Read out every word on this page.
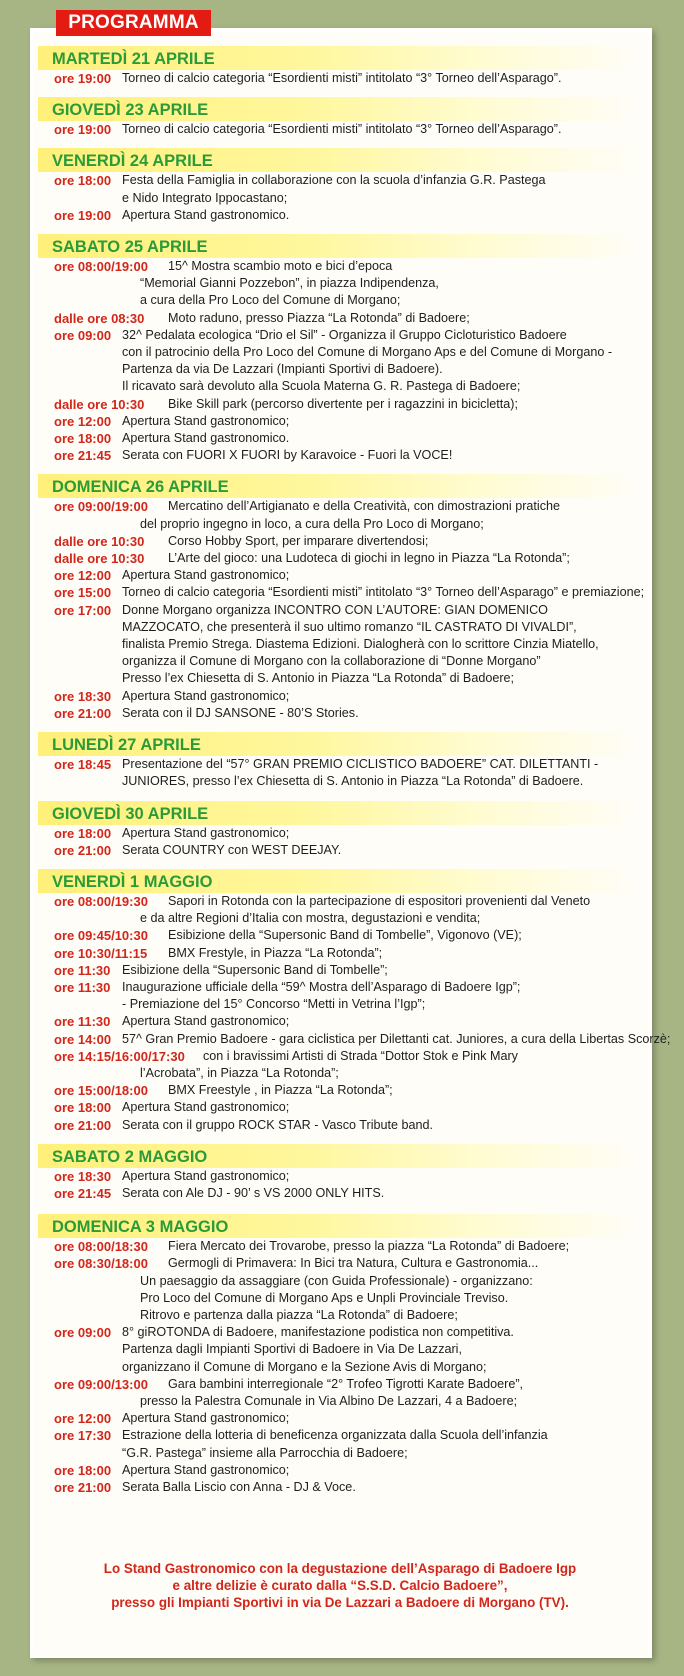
PROGRAMMA
MARTEDÌ 21 APRILE
ore 19:00 Torneo di calcio categoria “Esordienti misti” intitolato “3° Torneo dell’Asparago”.
GIOVEDÌ 23 APRILE
ore 19:00 Torneo di calcio categoria “Esordienti misti” intitolato “3° Torneo dell’Asparago”.
VENERDÌ 24 APRILE
ore 18:00 Festa della Famiglia in collaborazione con la scuola d’infanzia G.R. Pastega
e Nido Integrato Ippocastano;
ore 19:00 Apertura Stand gastronomico.
SABATO 25 APRILE
ore 08:00/19:00 15^ Mostra scambio moto e bici d’epoca
“Memorial Gianni Pozzebon”, in piazza Indipendenza,
a cura della Pro Loco del Comune di Morgano;
dalle ore 08:30 Moto raduno, presso Piazza “La Rotonda” di Badoere;
ore 09:00 32^ Pedalata ecologica “Drio el Sil” - Organizza il Gruppo Cicloturistico Badoere
con il patrocinio della Pro Loco del Comune di Morgano Aps e del Comune di Morgano -
Partenza da via De Lazzari (Impianti Sportivi di Badoere).
Il ricavato sarà devoluto alla Scuola Materna G. R. Pastega di Badoere;
dalle ore 10:30 Bike Skill park (percorso divertente per i ragazzini in bicicletta);
ore 12:00 Apertura Stand gastronomico;
ore 18:00 Apertura Stand gastronomico.
ore 21:45 Serata con FUORI X FUORI by Karavoice - Fuori la VOCE!
DOMENICA 26 APRILE
ore 09:00/19:00 Mercatino dell’Artigianato e della Creatività, con dimostrazioni pratiche
del proprio ingegno in loco, a cura della Pro Loco di Morgano;
dalle ore 10:30 Corso Hobby Sport, per imparare divertendosi;
dalle ore 10:30 L’Arte del gioco: una Ludoteca di giochi in legno in Piazza “La Rotonda”;
ore 12:00 Apertura Stand gastronomico;
ore 15:00 Torneo di calcio categoria “Esordienti misti” intitolato “3° Torneo dell’Asparago” e premiazione;
ore 17:00 Donne Morgano organizza INCONTRO CON L’AUTORE: GIAN DOMENICO
MAZZOCATO, che presenterà il suo ultimo romanzo “IL CASTRATO DI VIVALDI”,
finalista Premio Strega. Diastema Edizioni. Dialogherà con lo scrittore Cinzia Miatello,
organizza il Comune di Morgano con la collaborazione di “Donne Morgano”
Presso l’ex Chiesetta di S. Antonio in Piazza “La Rotonda” di Badoere;
ore 18:30 Apertura Stand gastronomico;
ore 21:00 Serata con il DJ SANSONE - 80’S Stories.
LUNEDÌ 27 APRILE
ore 18:45 Presentazione del “57° GRAN PREMIO CICLISTICO BADOERE” CAT. DILETTANTI -
JUNIORES, presso l’ex Chiesetta di S. Antonio in Piazza “La Rotonda” di Badoere.
GIOVEDÌ 30 APRILE
ore 18:00 Apertura Stand gastronomico;
ore 21:00 Serata COUNTRY con WEST DEEJAY.
VENERDÌ 1 MAGGIO
ore 08:00/19:30 Sapori in Rotonda con la partecipazione di espositori provenienti dal Veneto
e da altre Regioni d’Italia con mostra, degustazioni e vendita;
ore 09:45/10:30 Esibizione della “Supersonic Band di Tombelle”, Vigonovo (VE);
ore 10:30/11:15 BMX Frestyle, in Piazza “La Rotonda”;
ore 11:30 Esibizione della “Supersonic Band di Tombelle”;
ore 11:30 Inaugurazione ufficiale della “59^ Mostra dell’Asparago di Badoere Igp”;
- Premiazione del 15° Concorso “Metti in Vetrina l’Igp”;
ore 11:30 Apertura Stand gastronomico;
ore 14:00 57^ Gran Premio Badoere - gara ciclistica per Dilettanti cat. Juniores, a cura della Libertas Scorzè;
ore 14:15/16:00/17:30 con i bravissimi Artisti di Strada “Dottor Stok e Pink Mary
l’Acrobata”, in Piazza “La Rotonda”;
ore 15:00/18:00 BMX Freestyle , in Piazza “La Rotonda”;
ore 18:00 Apertura Stand gastronomico;
ore 21:00 Serata con il gruppo ROCK STAR - Vasco Tribute band.
SABATO 2 MAGGIO
ore 18:30 Apertura Stand gastronomico;
ore 21:45 Serata con Ale DJ - 90’ s VS 2000 ONLY HITS.
DOMENICA 3 MAGGIO
ore 08:00/18:30 Fiera Mercato dei Trovarobe, presso la piazza “La Rotonda” di Badoere;
ore 08:30/18:00 Germogli di Primavera: In Bici tra Natura, Cultura e Gastronomia...
Un paesaggio da assaggiare (con Guida Professionale) - organizzano:
Pro Loco del Comune di Morgano Aps e Unpli Provinciale Treviso.
Ritrovo e partenza dalla piazza “La Rotonda” di Badoere;
ore 09:00 8° giROTONDA di Badoere, manifestazione podistica non competitiva.
Partenza dagli Impianti Sportivi di Badoere in Via De Lazzari,
organizzano il Comune di Morgano e la Sezione Avis di Morgano;
ore 09:00/13:00 Gara bambini interregionale “2° Trofeo Tigrotti Karate Badoere”,
presso la Palestra Comunale in Via Albino De Lazzari, 4 a Badoere;
ore 12:00 Apertura Stand gastronomico;
ore 17:30 Estrazione della lotteria di beneficenza organizzata dalla Scuola dell’infanzia
“G.R. Pastega” insieme alla Parrocchia di Badoere;
ore 18:00 Apertura Stand gastronomico;
ore 21:00 Serata Balla Liscio con Anna - DJ & Voce.
Lo Stand Gastronomico con la degustazione dell’Asparago di Badoere Igp
e altre delizie è curato dalla “S.S.D. Calcio Badoere”,
presso gli Impianti Sportivi in via De Lazzari a Badoere di Morgano (TV).
